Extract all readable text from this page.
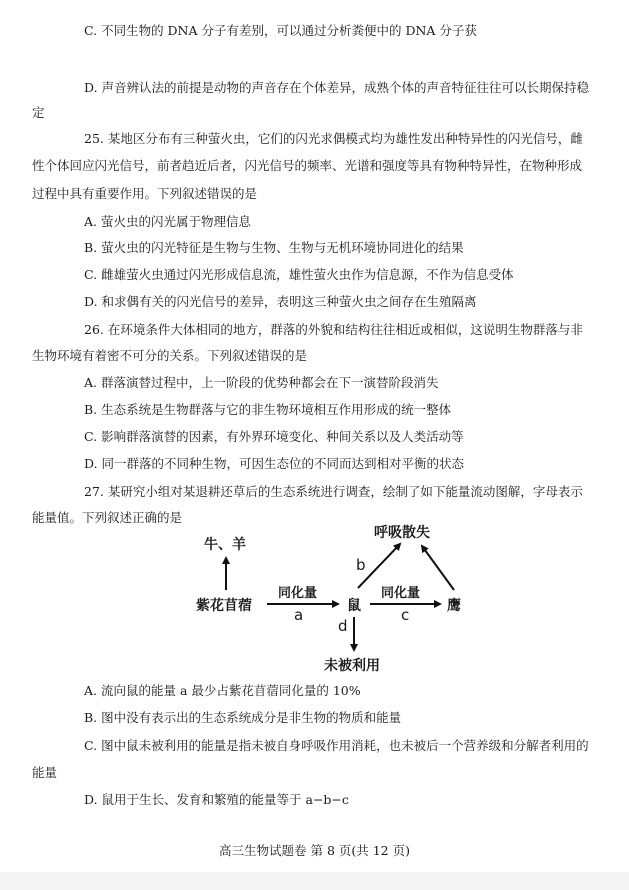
C. 不同生物的 DNA 分子有差别，可以通过分析粪便中的 DNA 分子获
D. 声音辨认法的前提是动物的声音存在个体差异，成熟个体的声音特征往往可以长期保持稳
定
25. 某地区分布有三种萤火虫，它们的闪光求偶模式均为雄性发出种特异性的闪光信号，雌
性个体回应闪光信号，前者趋近后者，闪光信号的频率、光谱和强度等具有物种特异性，在物种形成
过程中具有重要作用。下列叙述错误的是
A. 萤火虫的闪光属于物理信息
B. 萤火虫的闪光特征是生物与生物、生物与无机环境协同进化的结果
C. 雌雄萤火虫通过闪光形成信息流，雄性萤火虫作为信息源，不作为信息受体
D. 和求偶有关的闪光信号的差异，表明这三种萤火虫之间存在生殖隔离
26. 在环境条件大体相同的地方，群落的外貌和结构往往相近或相似，这说明生物群落与非
生物环境有着密不可分的关系。下列叙述错误的是
A. 群落演替过程中，上一阶段的优势种都会在下一演替阶段消失
B. 生态系统是生物群落与它的非生物环境相互作用形成的统一整体
C. 影响群落演替的因素，有外界环境变化、种间关系以及人类活动等
D. 同一群落的不同种生物，可因生态位的不同而达到相对平衡的状态
27. 某研究小组对某退耕还草后的生态系统进行调查，绘制了如下能量流动图解，字母表示
能量值。下列叙述正确的是
牛、羊
呼吸散失
紫花苜蓿
同化量
a	鼠
同化量
c	鹰
b
d
未被利用
A. 流向鼠的能量 a 最少占紫花苜蓿同化量的 10%
B. 图中没有表示出的生态系统成分是非生物的物质和能量
C. 图中鼠未被利用的能量是指未被自身呼吸作用消耗，也未被后一个营养级和分解者利用的
能量
D. 鼠用于生长、发育和繁殖的能量等于 a−b−c
高三生物试题卷 第 8 页(共 12 页)
